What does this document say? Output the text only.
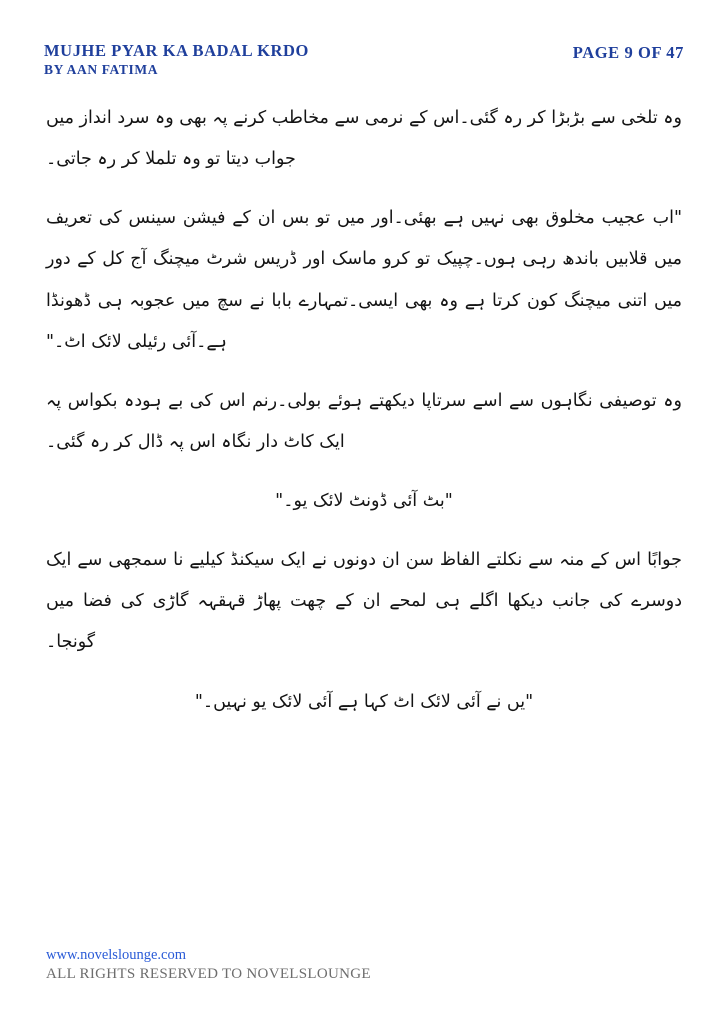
MUJHE PYAR KA BADAL KRDO
BY AAN FATIMA
PAGE 9 OF 47

وہ تلخی سے بڑبڑا کر رہ گئی۔اس کے نرمی سے مخاطب کرنے پہ بھی وہ سرد انداز میں جواب دیتا تو وہ تلملا کر رہ جاتی۔

"اب عجیب مخلوق بھی نہیں ہے بھئی۔اور میں تو بس ان کے فیشن سینس کی تعریف میں قلابیں باندھ رہی ہوں۔چپیک تو کرو ماسک اور ڈریس شرٹ میچنگ آج کل کے دور میں اتنی میچنگ کون کرتا ہے وہ بھی ایسی۔تمہارے بابا نے سچ میں عجوبہ ہی ڈھونڈا ہے۔آئی رئیلی لائک اٹ۔"

وہ توصیفی نگاہوں سے اسے سرتاپا دیکھتے ہوئے بولی۔رنم اس کی بے ہودہ بکواس پہ ایک کاٹ دار نگاہ اس پہ ڈال کر رہ گئی۔

"بٹ آئی ڈونٹ لائک یو۔"

جوابًا اس کے منہ سے نکلتے الفاظ سن ان دونوں نے ایک سیکنڈ کیلیے نا سمجھی سے ایک دوسرے کی جانب دیکھا اگلے ہی لمحے ان کے چھت پھاڑ قہقہہ گاڑی کی فضا میں گونجا۔

"یں نے آئی لائک اٹ کہا ہے آئی لائک یو نہیں۔"

www.novelslounge.com
ALL RIGHTS RESERVED TO NOVELSLOUNGE
